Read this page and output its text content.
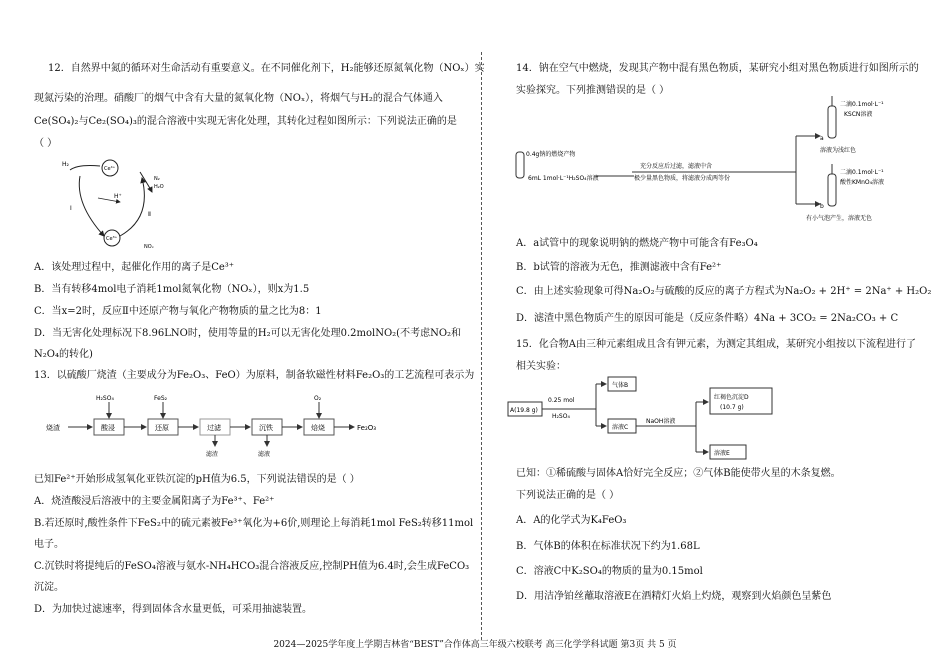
12．自然界中氮的循环对生命活动有重要意义。在不同催化剂下，H₂能够还原氮氧化物（NOₓ）实
现氮污染的治理。硝酸厂的烟气中含有大量的氮氧化物（NOₓ），将烟气与H₂的混合气体通入
Ce(SO₄)₂与Ce₂(SO₄)₃的混合溶液中实现无害化处理，其转化过程如图所示：下列说法正确的是
（ ）
H₂
Ce⁴⁺
Ce³⁺
H⁺
Ⅰ
Ⅱ
N₂
H₂O
NOₓ
A．该处理过程中，起催化作用的离子是Ce³⁺
B．当有转移4mol电子消耗1mol氮氧化物（NOₓ），则x为1.5
C．当x=2时，反应Ⅱ中还原产物与氧化产物物质的量之比为8：1
D．当无害化处理标况下8.96LNO时，使用等量的H₂可以无害化处理0.2molNO₂(不考虑NO₂和
N₂O₄的转化)
13．以硫酸厂烧渣（主要成分为Fe₂O₃、FeO）为原料，制备软磁性材料Fe₂O₃的工艺流程可表示为
烧渣	酸浸
H₂SO₄
还原
FeS₂
过滤
滤渣
沉铁
滤液
焙烧
O₂
Fe₂O₃
已知Fe²⁺开始形成氢氧化亚铁沉淀的pH值为6.5，下列说法错误的是（ ）
A．烧渣酸浸后溶液中的主要金属阳离子为Fe³⁺、Fe²⁺
B.若还原时,酸性条件下FeS₂中的硫元素被Fe³⁺氧化为+6价,则理论上每消耗1mol FeS₂转移11mol
电子。
C.沉铁时将提纯后的FeSO₄溶液与氨水-NH₄HCO₃混合溶液反应,控制PH值为6.4时,会生成FeCO₃
沉淀。
D．为加快过滤速率，得到固体含水量更低，可采用抽滤装置。
14．钠在空气中燃烧，发现其产物中混有黑色物质，某研究小组对黑色物质进行如图所示的
实验探究。下列推测错误的是（ ）
0.4g钠的燃烧产物
6mL 1mol·L⁻¹H₂SO₄溶液
充分反应后过滤，滤液中含
极少量黑色物质，将滤液分成两等份
二滴0.1mol·L⁻¹
KSCN溶液
a
溶液为浅红色
二滴0.1mol·L⁻¹
酸性KMnO₄溶液
b
有小气泡产生，溶液无色
A．a试管中的现象说明钠的燃烧产物中可能含有Fe₃O₄
B．b试管的溶液为无色，推测滤液中含有Fe²⁺
C．由上述实验现象可得Na₂O₂与硫酸的反应的离子方程式为Na₂O₂ + 2H⁺ = 2Na⁺ + H₂O₂
D．滤渣中黑色物质产生的原因可能是（反应条件略）4Na + 3CO₂ = 2Na₂CO₃ + C
15．化合物A由三种元素组成且含有钾元素，为测定其组成，某研究小组按以下流程进行了
相关实验：
A(19.8 g)
0.25 mol
H₂SO₄
气体B
溶液C
NaOH溶液
红褐色沉淀D
(10.7 g)
溶液E
已知：①稀硫酸与固体A恰好完全反应；②气体B能使带火星的木条复燃。
下列说法正确的是（ ）
A．A的化学式为K₄FeO₃
B．气体B的体积在标准状况下约为1.68L
C．溶液C中K₂SO₄的物质的量为0.15mol
D．用洁净铂丝蘸取溶液E在酒精灯火焰上灼烧，观察到火焰颜色呈紫色
2024—2025学年度上学期吉林省“BEST”合作体高三年级六校联考 高三化学学科试题 第3页 共 5 页
